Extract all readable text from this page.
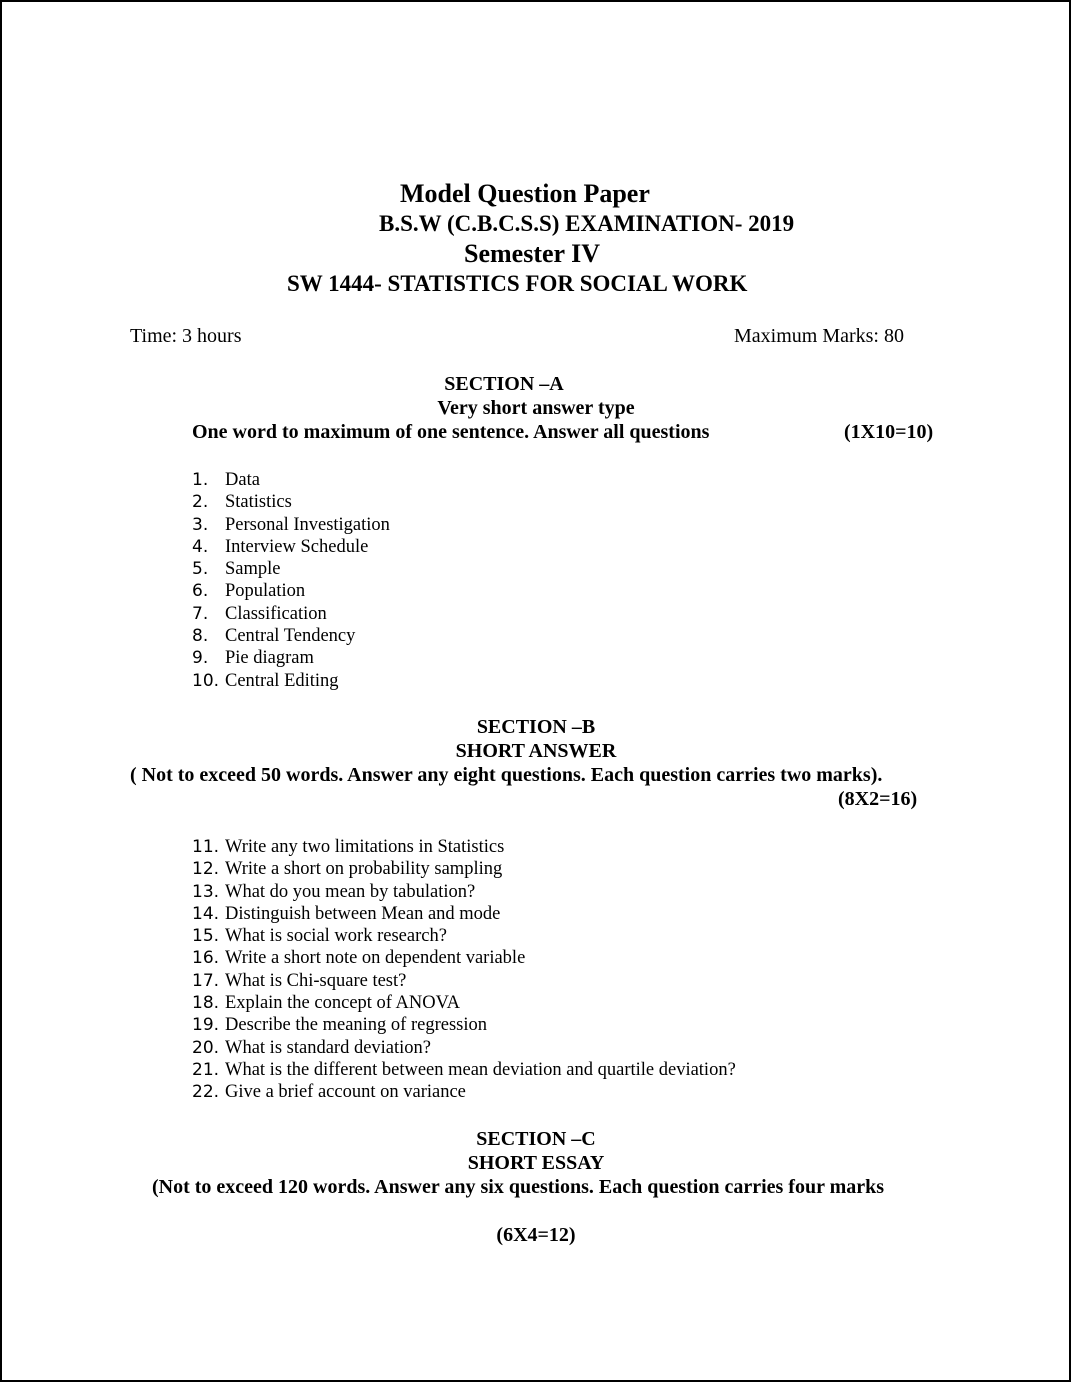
Model Question Paper
B.S.W (C.B.C.S.S) EXAMINATION- 2019
Semester IV
SW 1444- STATISTICS FOR SOCIAL WORK
Time: 3 hours	Maximum Marks: 80
SECTION –A
Very short answer type
One word to maximum of one sentence. Answer all questions	(1X10=10)
1. Data
2. Statistics
3. Personal Investigation
4. Interview Schedule
5. Sample
6. Population
7. Classification
8. Central Tendency
9. Pie diagram
10. Central Editing
SECTION –B
SHORT ANSWER
( Not to exceed 50 words. Answer any eight questions. Each question carries two marks).
(8X2=16)
11. Write any two limitations in Statistics
12. Write a short on probability sampling
13. What do you mean by tabulation?
14. Distinguish between Mean and mode
15. What is social work research?
16. Write a short note on dependent variable
17. What is Chi-square test?
18. Explain the concept of ANOVA
19. Describe the meaning of regression
20. What is standard deviation?
21. What is the different between mean deviation and quartile deviation?
22. Give a brief account on variance
SECTION –C
SHORT ESSAY
(Not to exceed 120 words. Answer any six questions. Each question carries four marks
(6X4=12)
